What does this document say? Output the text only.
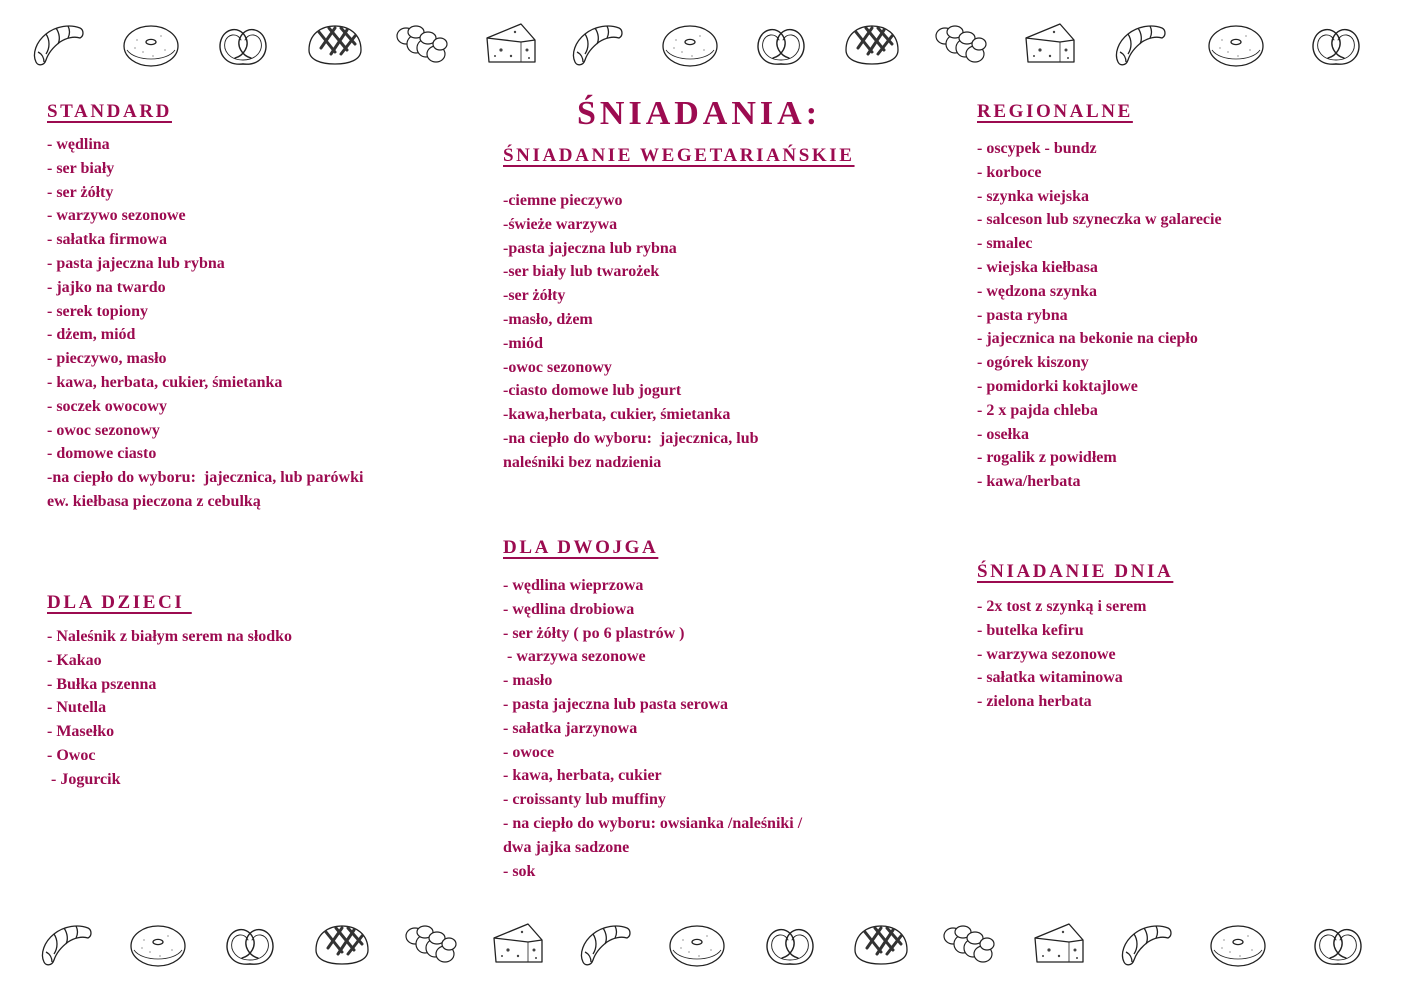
ŚNIADANIA:
STANDARD
- wędlina
- ser biały
- ser żółty
- warzywo sezonowe
- sałatka firmowa
- pasta jajeczna lub rybna
- jajko na twardo
- serek topiony
- dżem, miód
- pieczywo, masło
- kawa, herbata, cukier, śmietanka
- soczek owocowy
- owoc sezonowy
- domowe ciasto
-na ciepło do wyboru:  jajecznica, lub parówki
ew. kiełbasa pieczona z cebulką
DLA DZIECI
- Naleśnik z białym serem na słodko
- Kakao
- Bułka pszenna
- Nutella
- Masełko
- Owoc
- Jogurcik
ŚNIADANIE WEGETARIAŃSKIE
-ciemne pieczywo
-świeże warzywa
-pasta jajeczna lub rybna
-ser biały lub twarożek
-ser żółty
-masło, dżem
-miód
-owoc sezonowy
-ciasto domowe lub jogurt
-kawa,herbata, cukier, śmietanka
-na ciepło do wyboru:  jajecznica, lub
naleśniki bez nadzienia
DLA DWOJGA
- wędlina wieprzowa
- wędlina drobiowa
- ser żółty ( po 6 plastrów )
- warzywa sezonowe
- masło
- pasta jajeczna lub pasta serowa
- sałatka jarzynowa
- owoce
- kawa, herbata, cukier
- croissanty lub muffiny
- na ciepło do wyboru: owsianka /naleśniki /
dwa jajka sadzone
- sok
REGIONALNE
- oscypek - bundz
- korboce
- szynka wiejska
- salceson lub szyneczka w galarecie
- smalec
- wiejska kiełbasa
- wędzona szynka
- pasta rybna
- jajecznica na bekonie na ciepło
- ogórek kiszony
- pomidorki koktajlowe
- 2 x pajda chleba
- osełka
- rogalik z powidłem
- kawa/herbata
ŚNIADANIE DNIA
- 2x tost z szynką i serem
- butelka kefiru
- warzywa sezonowe
- sałatka witaminowa
- zielona herbata
